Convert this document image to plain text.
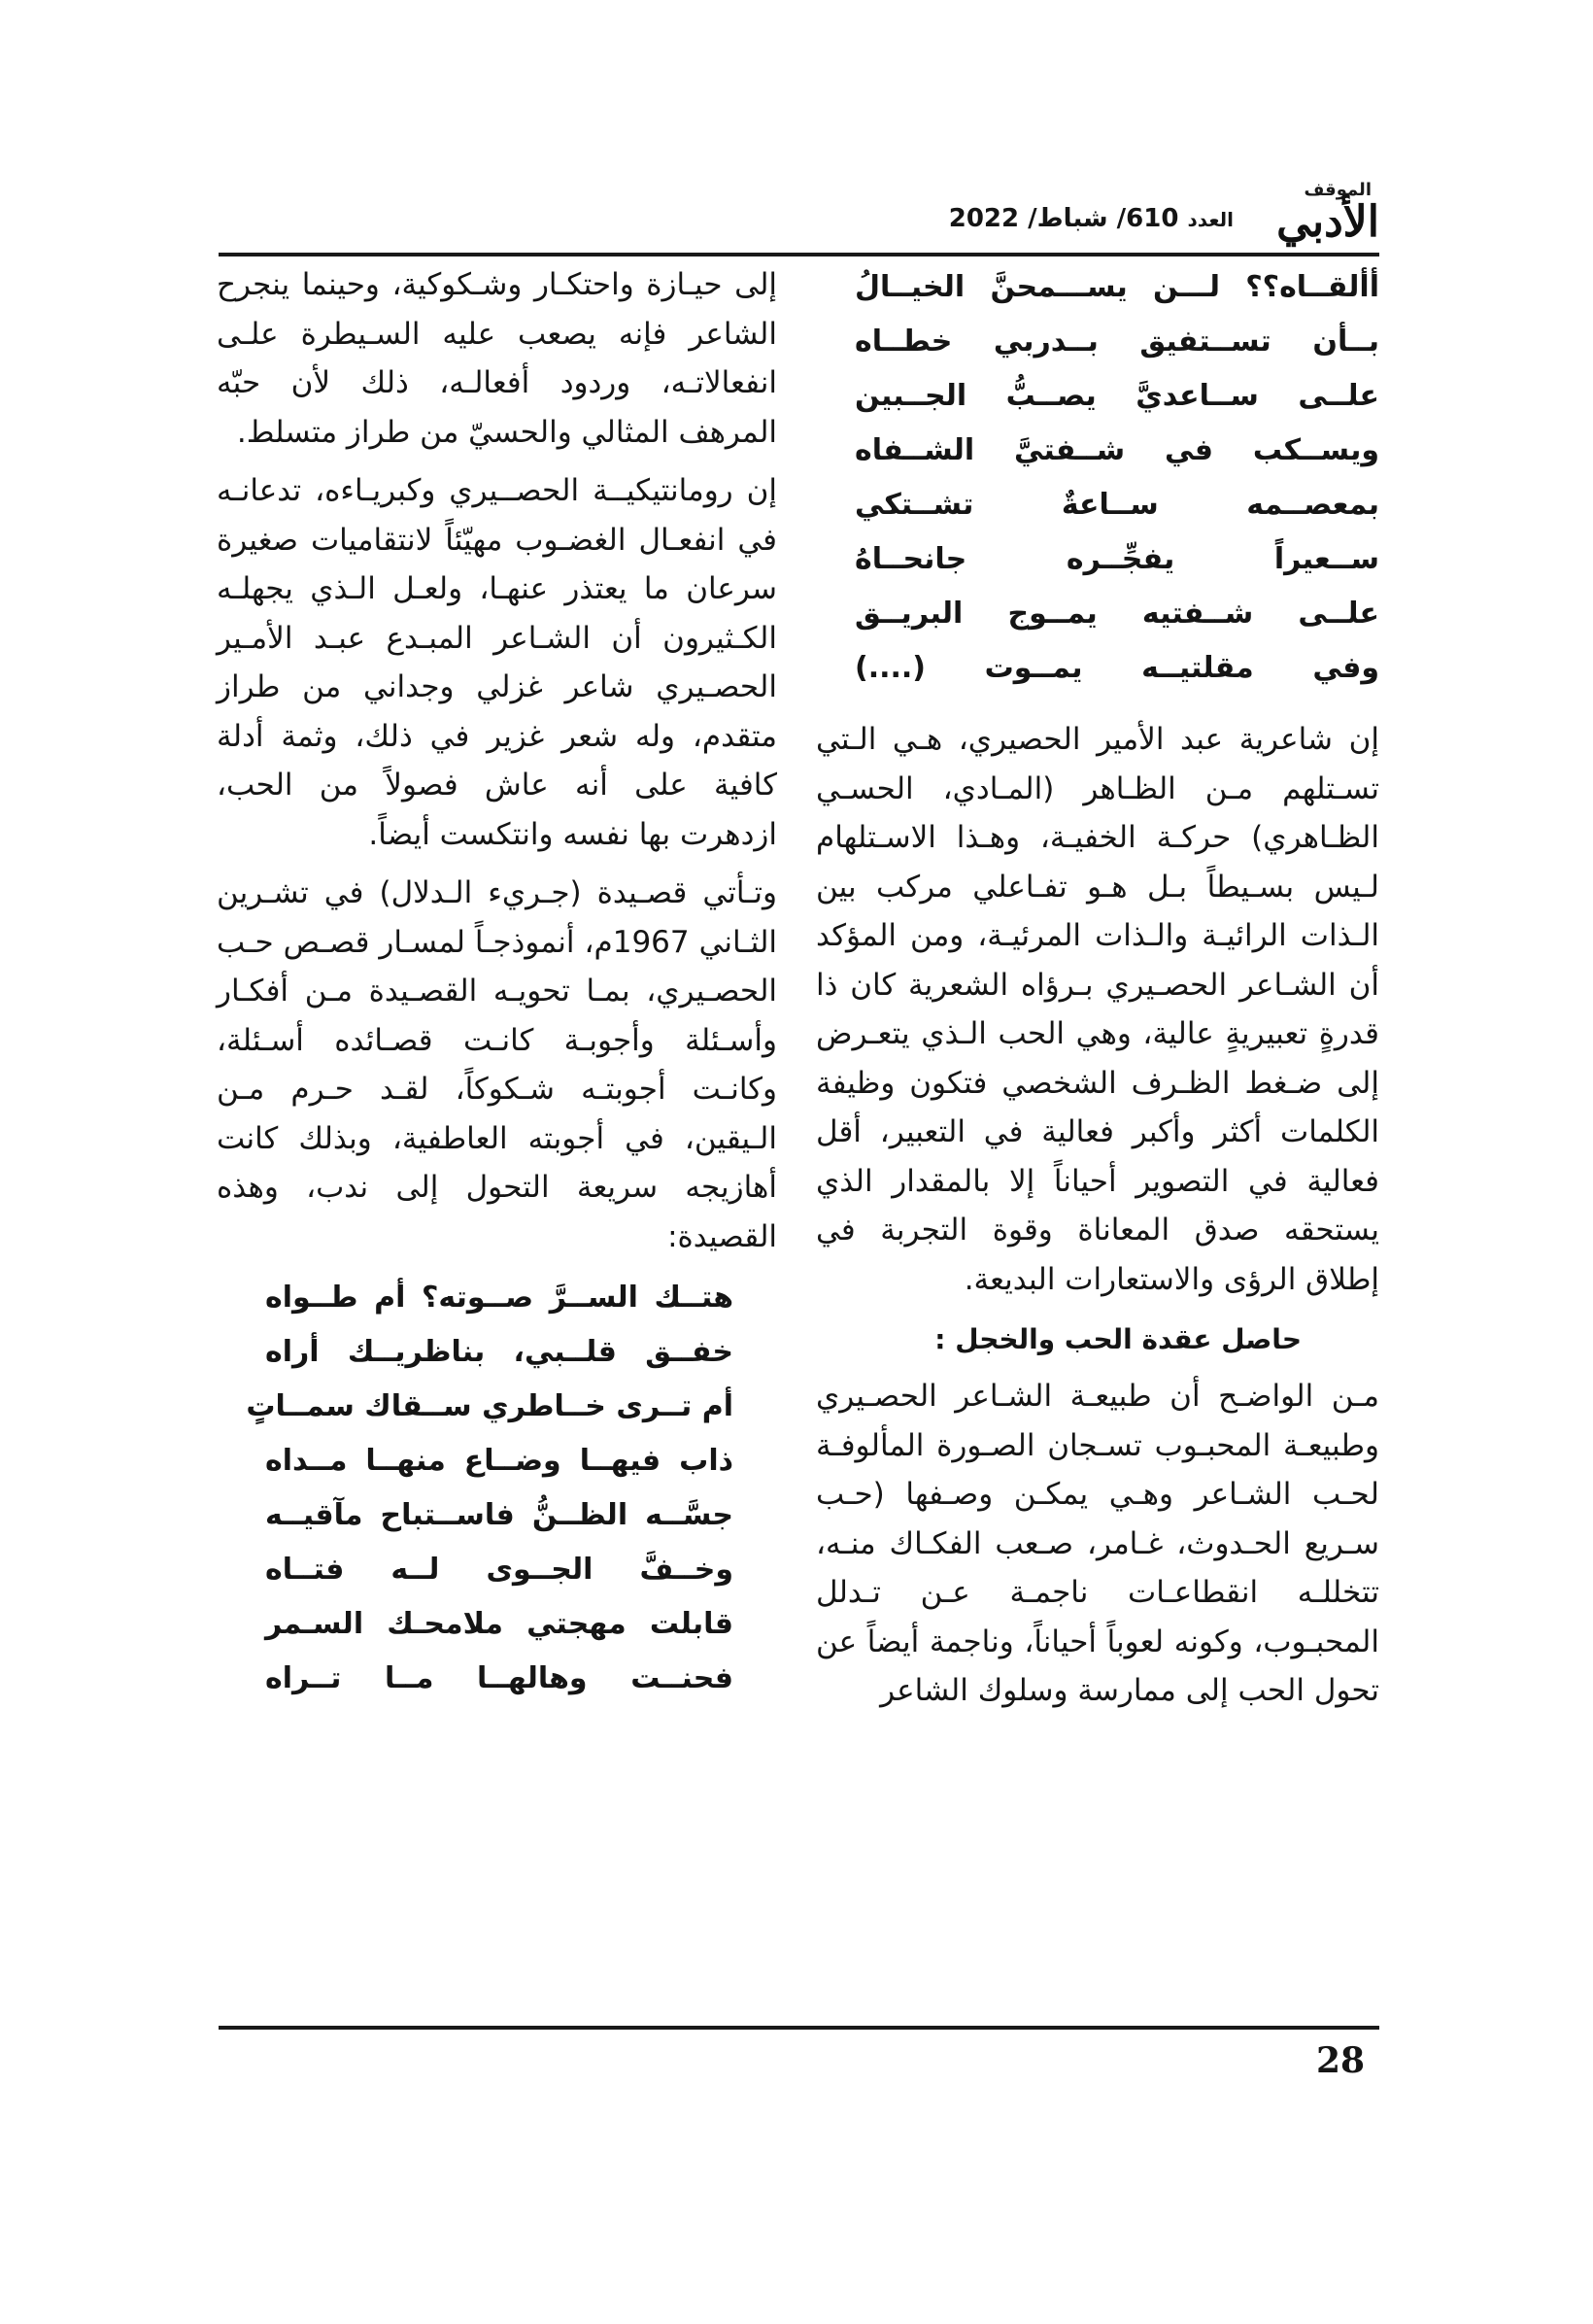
الموقف
الأدبي
العدد 610/ شباط/ 2022
أألقــاه؟؟ لـــن يســـمحنَّ الخيــالُ
بــأن تســتفيق بــدربي خطــاه
علــى ســاعديَّ يصــبُّ الجــبين
ويســكب في شــفتيَّ الشــفاه
بمعصــمه ســاعةٌ تشــتكي
ســعيراً يفجِّــره جانحــاهُ
علــى شــفتيه يمــوج البريــق
وفي مقلتيــه يمــوت (....)

إن شاعرية عبد الأمير الحصيري، هـي الـتي تسـتلهم مـن الظـاهر (المـادي، الحسـي الظـاهري) حركـة الخفيـة، وهـذا الاسـتلهام لـيس بسـيطاً بـل هـو تفـاعلي مركب بين الـذات الرائيـة والـذات المرئيـة، ومن المؤكد أن الشـاعر الحصـيري بـرؤاه الشعرية كان ذا قدرةٍ تعبيريةٍ عالية، وهي الحب الـذي يتعـرض إلى ضـغط الظـرف الشخصي فتكون وظيفة الكلمات أكثر وأكبر فعالية في التعبير، أقل فعالية في التصوير أحياناً إلا بالمقدار الذي يستحقه صدق المعاناة وقوة التجربة في إطلاق الرؤى والاستعارات البديعة.

حاصل عقدة الحب والخجل :

مـن الواضـح أن طبيعـة الشـاعر الحصـيري وطبيعـة المحبـوب تسـجان الصـورة المألوفـة لحـب الشـاعر وهـي يمكـن وصـفها (حـب سـريع الحـدوث، غـامر، صـعب الفكـاك منـه، تتخللـه انقطاعـات ناجمـة عـن تـدلل المحبـوب، وكونه لعوباً أحياناً، وناجمة أيضاً عن تحول الحب إلى ممارسة وسلوك الشاعر

إلى حيـازة واحتكـار وشـكوكية، وحينما ينجرح الشاعر فإنه يصعب عليه السـيطرة علـى انفعالاتـه، وردود أفعالـه، ذلك لأن حبّه المرهف المثالي والحسيّ من طراز متسلط.

إن رومانتيكيــة الحصــيري وكبريـاءه، تدعانـه في انفعـال الغضـوب مهيّئاً لانتقاميات صغيرة سرعان ما يعتذر عنهـا، ولعـل الـذي يجهلـه الكـثيرون أن الشـاعر المبـدع عبـد الأمـير الحصـيري شاعر غزلي وجداني من طراز متقدم، وله شعر غزير في ذلك، وثمة أدلة كافية على أنه عاش فصولاً من الحب، ازدهرت بها نفسه وانتكست أيضاً.

وتـأتي قصـيدة (جـريء الـدلال) في تشـرين الثـاني 1967م، أنموذجـاً لمسـار قصـص حـب الحصـيري، بمـا تحويـه القصـيدة مـن أفكـار وأسـئلة وأجوبـة كانـت قصـائده أسـئلة، وكانـت أجوبتـه شـكوكاً، لقـد حـرم مـن الـيقين، في أجوبته العاطفية، وبذلك كانت أهازيجه سريعة التحول إلى ندب، وهذه القصيدة:

هتــك الســرَّ صــوته؟ أم طــواه
خفــق قلــبي، بناظريــك أراه
أم تــرى خــاطري ســقاك سمــاتٍ
ذاب فيهــا وضــاع منهــا مــداه
جسَّــه الظــنُّ فاســتباح مآقيــه
وخــفَّ الجــوى لــه فتــاه
قابلت مهجتي ملامحـك السـمر
فحنــت وهالهــا مــا تــراه
28
